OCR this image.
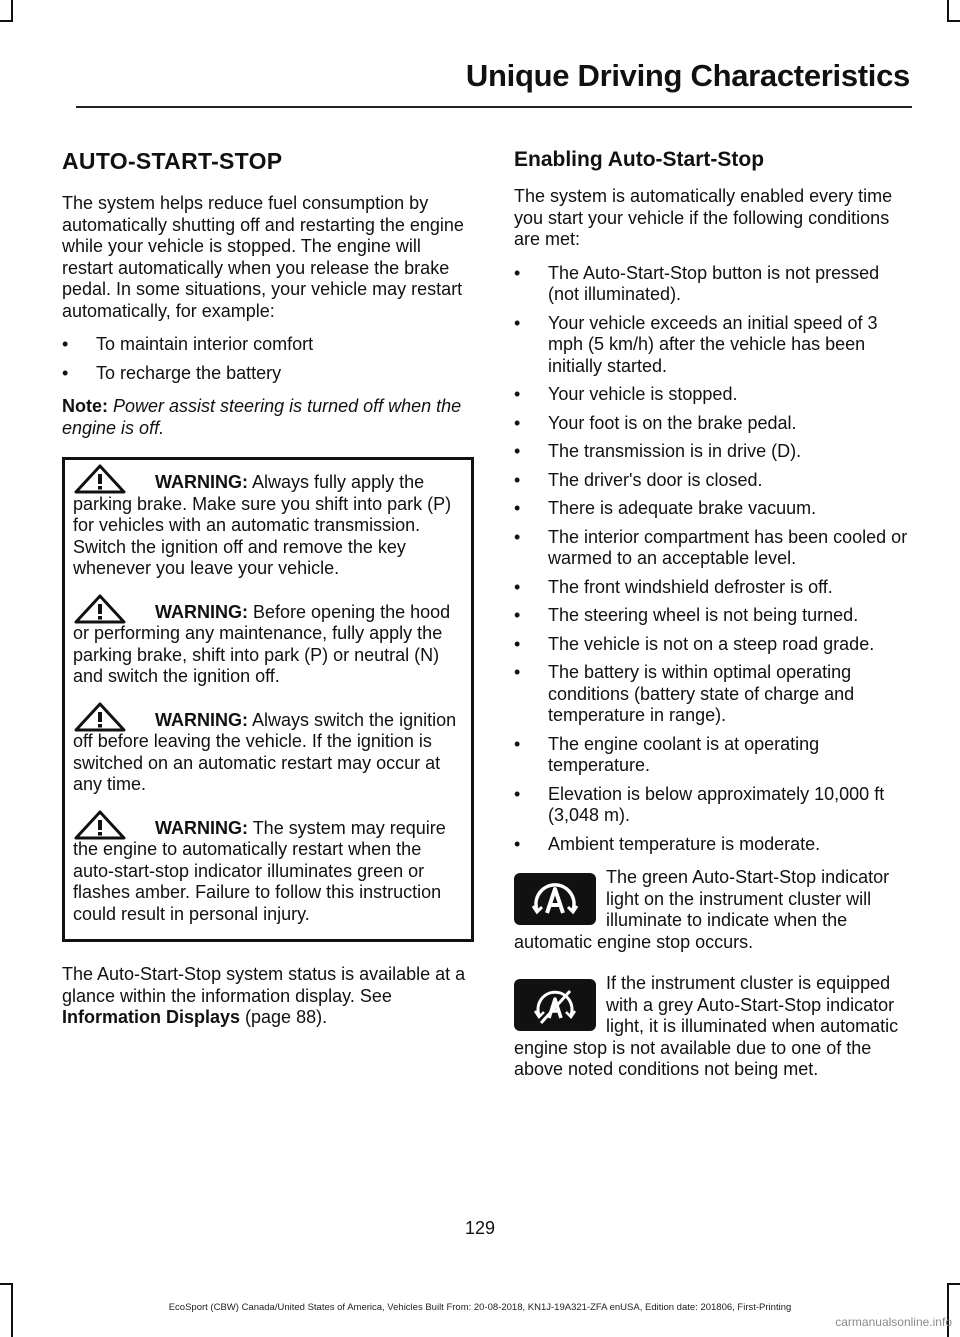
Unique Driving Characteristics
AUTO-START-STOP

The system helps reduce fuel consumption by automatically shutting off and restarting the engine while your vehicle is stopped. The engine will restart automatically when you release the brake pedal. In some situations, your vehicle may restart automatically, for example:

• To maintain interior comfort
• To recharge the battery

Note: Power assist steering is turned off when the engine is off.

WARNING: Always fully apply the parking brake. Make sure you shift into park (P) for vehicles with an automatic transmission. Switch the ignition off and remove the key whenever you leave your vehicle.
WARNING: Before opening the hood or performing any maintenance, fully apply the parking brake, shift into park (P) or neutral (N) and switch the ignition off.
WARNING: Always switch the ignition off before leaving the vehicle. If the ignition is switched on an automatic restart may occur at any time.
WARNING: The system may require the engine to automatically restart when the auto-start-stop indicator illuminates green or flashes amber. Failure to follow this instruction could result in personal injury.

The Auto-Start-Stop system status is available at a glance within the information display. See Information Displays (page 88).

Enabling Auto-Start-Stop

The system is automatically enabled every time you start your vehicle if the following conditions are met:

• The Auto-Start-Stop button is not pressed (not illuminated).
• Your vehicle exceeds an initial speed of 3 mph (5 km/h) after the vehicle has been initially started.
• Your vehicle is stopped.
• Your foot is on the brake pedal.
• The transmission is in drive (D).
• The driver's door is closed.
• There is adequate brake vacuum.
• The interior compartment has been cooled or warmed to an acceptable level.
• The front windshield defroster is off.
• The steering wheel is not being turned.
• The vehicle is not on a steep road grade.
• The battery is within optimal operating conditions (battery state of charge and temperature in range).
• The engine coolant is at operating temperature.
• Elevation is below approximately 10,000 ft (3,048 m).
• Ambient temperature is moderate.
The green Auto-Start-Stop indicator light on the instrument cluster will illuminate to indicate when the automatic engine stop occurs.
If the instrument cluster is equipped with a grey Auto-Start-Stop indicator light, it is illuminated when automatic engine stop is not available due to one of the above noted conditions not being met.
129
EcoSport (CBW) Canada/United States of America, Vehicles Built From: 20-08-2018, KN1J-19A321-ZFA enUSA, Edition date: 201806, First-Printing
carmanualsonline.info
